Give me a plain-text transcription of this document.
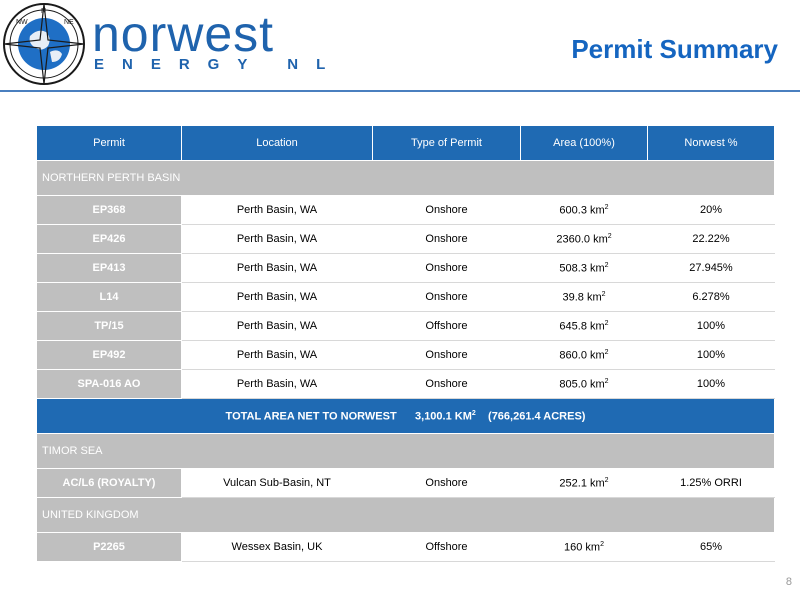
NW
N
NE norwest
ENERGY NL
Permit Summary
Permit	Location	Type of Permit	Area (100%)	Norwest %
NORTHERN PERTH BASIN				
EP368	Perth Basin, WA	Onshore	600.3 $km^2$	20%
EP426	Perth Basin, WA	Onshore	2360.0 $km^2$	22.22%
EP413	Perth Basin, WA	Onshore	508.3 $km^2$	27.945%
L14	Perth Basin, WA	Onshore	39.8 $km^2$	6.278%
TP/15	Perth Basin, WA	Offshore	645.8 $km^2$	100%
EP492	Perth Basin, WA	Onshore	860.0 $km^2$	100%
SPA-016 AO	Perth Basin, WA	Onshore	805.0 $km^2$	100%
TOTAL AREA NET TO NORWEST 3,100.1 $KM^2$ (766,261.4 ACRES)				
TIMOR SEA				
AC/L6 (ROYALTY)	Vulcan Sub-Basin, NT	Onshore	252.1 $km^2$	1.25% ORRI
UNITED KINGDOM				
P2265	Wessex Basin, UK	Offshore	160 $km^2$	65%
8
